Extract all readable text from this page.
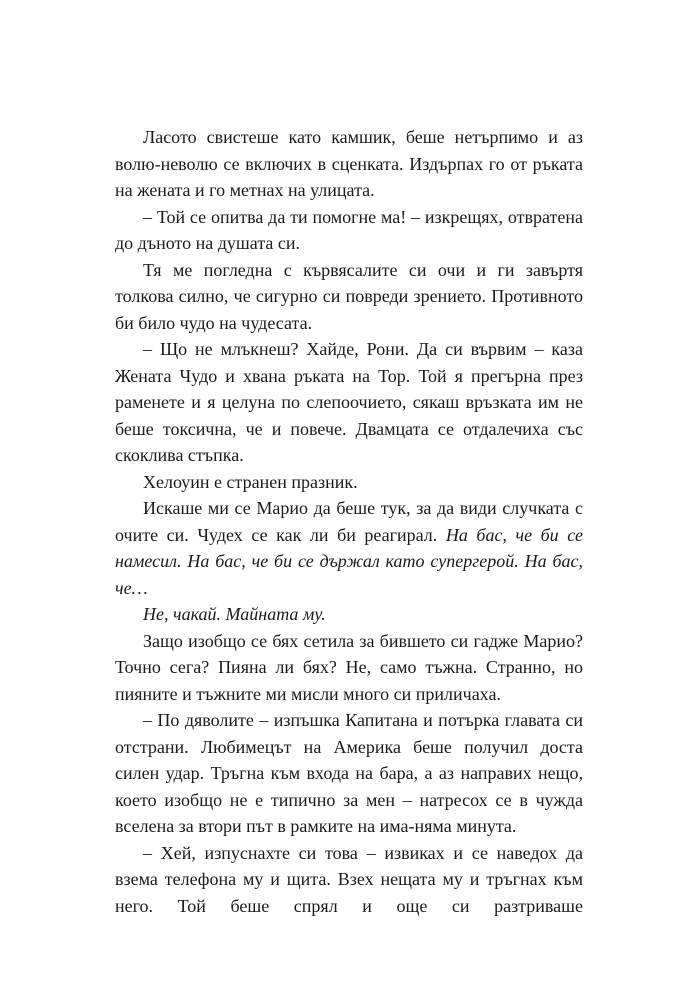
Ласото свистеше като камшик, беше нетърпимо и аз волю-неволю се включих в сценката. Издърпах го от ръката на жената и го метнах на улицата.

– Той се опитва да ти помогне ма! – изкрещях, отвратена до дъното на душата си.

Тя ме погледна с кървясалите си очи и ги завъртя толкова силно, че сигурно си повреди зрението. Противното би било чудо на чудесата.

– Що не млъкнеш? Хайде, Рони. Да си вървим – каза Жената Чудо и хвана ръката на Тор. Той я прегърна през раменете и я целуна по слепоочието, сякаш връзката им не беше токсична, че и повече. Двамцата се отдалечиха със скоклива стъпка.

Хелоуин е странен празник.

Искаше ми се Марио да беше тук, за да види случката с очите си. Чудех се как ли би реагирал. На бас, че би се намесил. На бас, че би се държал като супергерой. На бас, че…

Не, чакай. Майната му.

Защо изобщо се бях сетила за бившето си гадже Марио? Точно сега? Пияна ли бях? Не, само тъжна. Странно, но пияните и тъжните ми мисли много си приличаха.

– По дяволите – изпъшка Капитана и потърка главата си отстрани. Любимецът на Америка беше получил доста силен удар. Тръгна към входа на бара, а аз направих нещо, което изобщо не е типично за мен – натресох се в чужда вселена за втори път в рамките на има-няма минута.

– Хей, изпуснахте си това – извиках и се наведох да взема телефона му и щита. Взех нещата му и тръгнах към него. Той беше спрял и още си разтриваше
